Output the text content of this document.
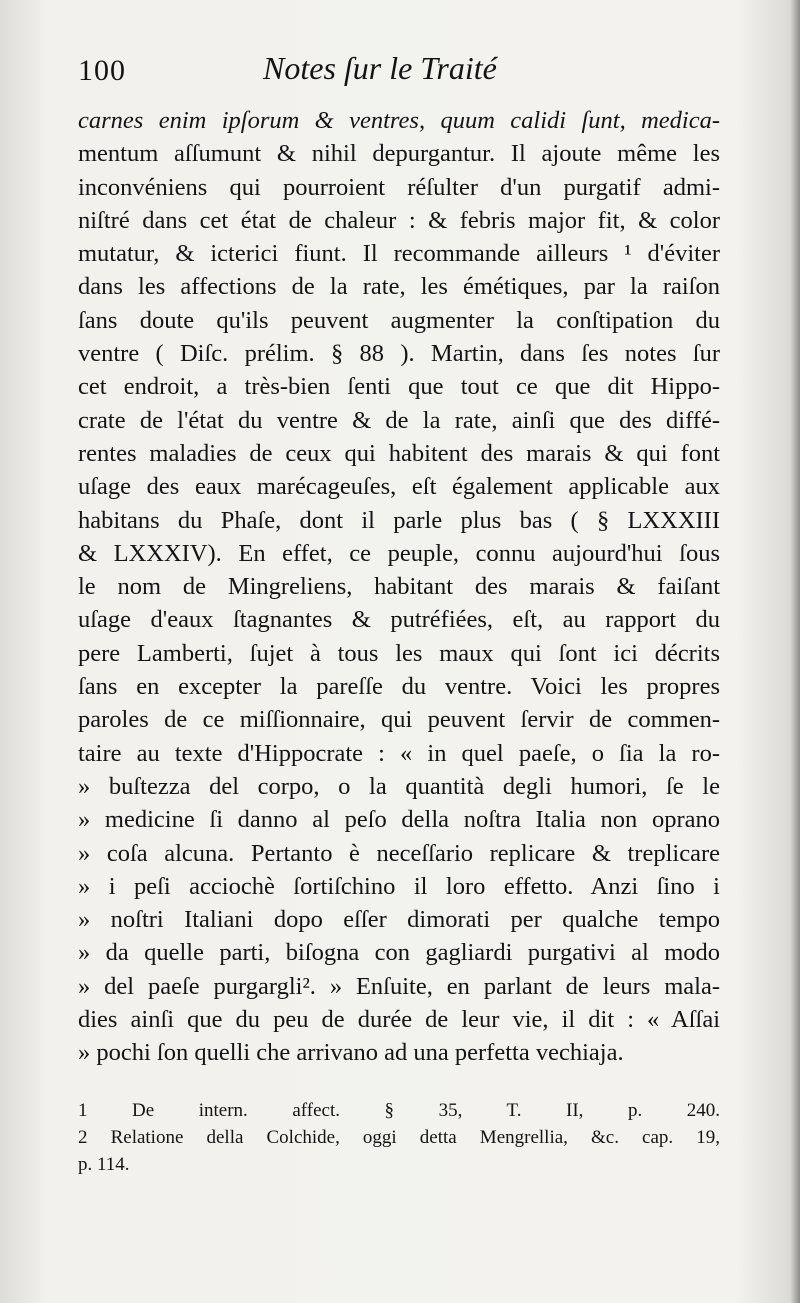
100	Notes ſur le Traité
carnes enim ipſorum & ventres, quum calidi ſunt, medica-
mentum aſſumunt & nihil depurgantur. Il ajoute même les
inconvéniens qui pourroient réſulter d'un purgatif admi-
niſtré dans cet état de chaleur : & febris major fit, & color
mutatur, & icterici fiunt. Il recommande ailleurs ¹ d'éviter
dans les affections de la rate, les émétiques, par la raiſon
ſans doute qu'ils peuvent augmenter la conſtipation du
ventre ( Diſc. prélim. § 88 ). Martin, dans ſes notes ſur
cet endroit, a très-bien ſenti que tout ce que dit Hippo-
crate de l'état du ventre & de la rate, ainſi que des diffé-
rentes maladies de ceux qui habitent des marais & qui font
uſage des eaux marécageuſes, eſt également applicable aux
habitans du Phaſe, dont il parle plus bas ( § LXXXIII
& LXXXIV). En effet, ce peuple, connu aujourd'hui ſous
le nom de Mingreliens, habitant des marais & faiſant
uſage d'eaux ſtagnantes & putréfiées, eſt, au rapport du
pere Lamberti, ſujet à tous les maux qui ſont ici décrits
ſans en excepter la pareſſe du ventre. Voici les propres
paroles de ce miſſionnaire, qui peuvent ſervir de commen-
taire au texte d'Hippocrate : « in quel paeſe, o ſia la ro-
» buſtezza del corpo, o la quantità degli humori, ſe le
» medicine ſi danno al peſo della noſtra Italia non oprano
» coſa alcuna. Pertanto è neceſſario replicare & treplicare
» i peſi acciochè ſortiſchino il loro effetto. Anzi ſino i
» noſtri Italiani dopo eſſer dimorati per qualche tempo
» da quelle parti, biſogna con gagliardi purgativi al modo
» del paeſe purgargli². » Enſuite, en parlant de leurs mala-
dies ainſi que du peu de durée de leur vie, il dit : « Aſſai
» pochi ſon quelli che arrivano ad una perfetta vechiaja.
1 De intern. affect. § 35, T. II, p. 240.
2 Relatione della Colchide, oggi detta Mengrellia, &c. cap. 19,
p. 114.
